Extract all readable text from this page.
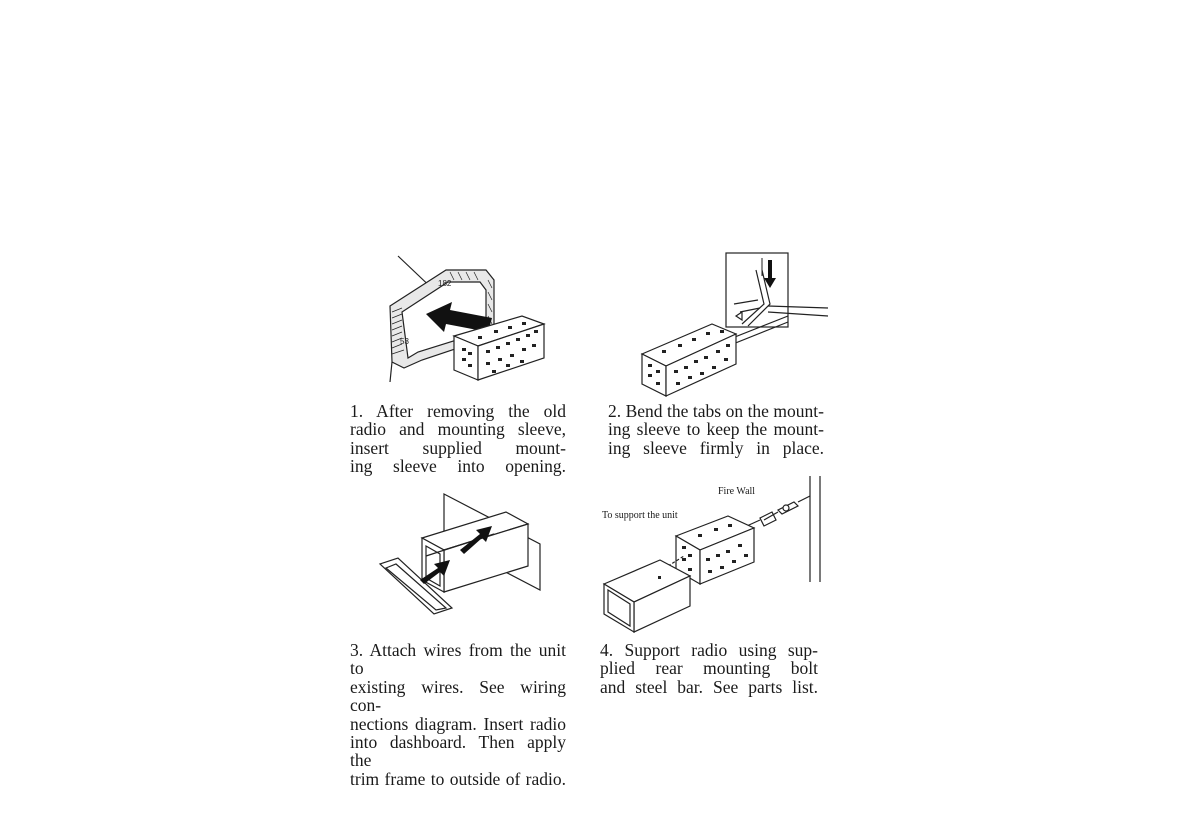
182
53
1. After removing the old
radio and mounting sleeve,
insert supplied mount-
ing sleeve into opening.
2. Bend the tabs on the mount-
ing sleeve to keep the mount-
ing sleeve firmly in place.
Fire Wall
To support the unit
3. Attach wires from the unit to
existing wires. See wiring con-
nections diagram. Insert radio
into dashboard. Then apply the
trim frame to outside of radio.
4. Support radio using sup-
plied rear mounting bolt
and steel bar. See parts list.
